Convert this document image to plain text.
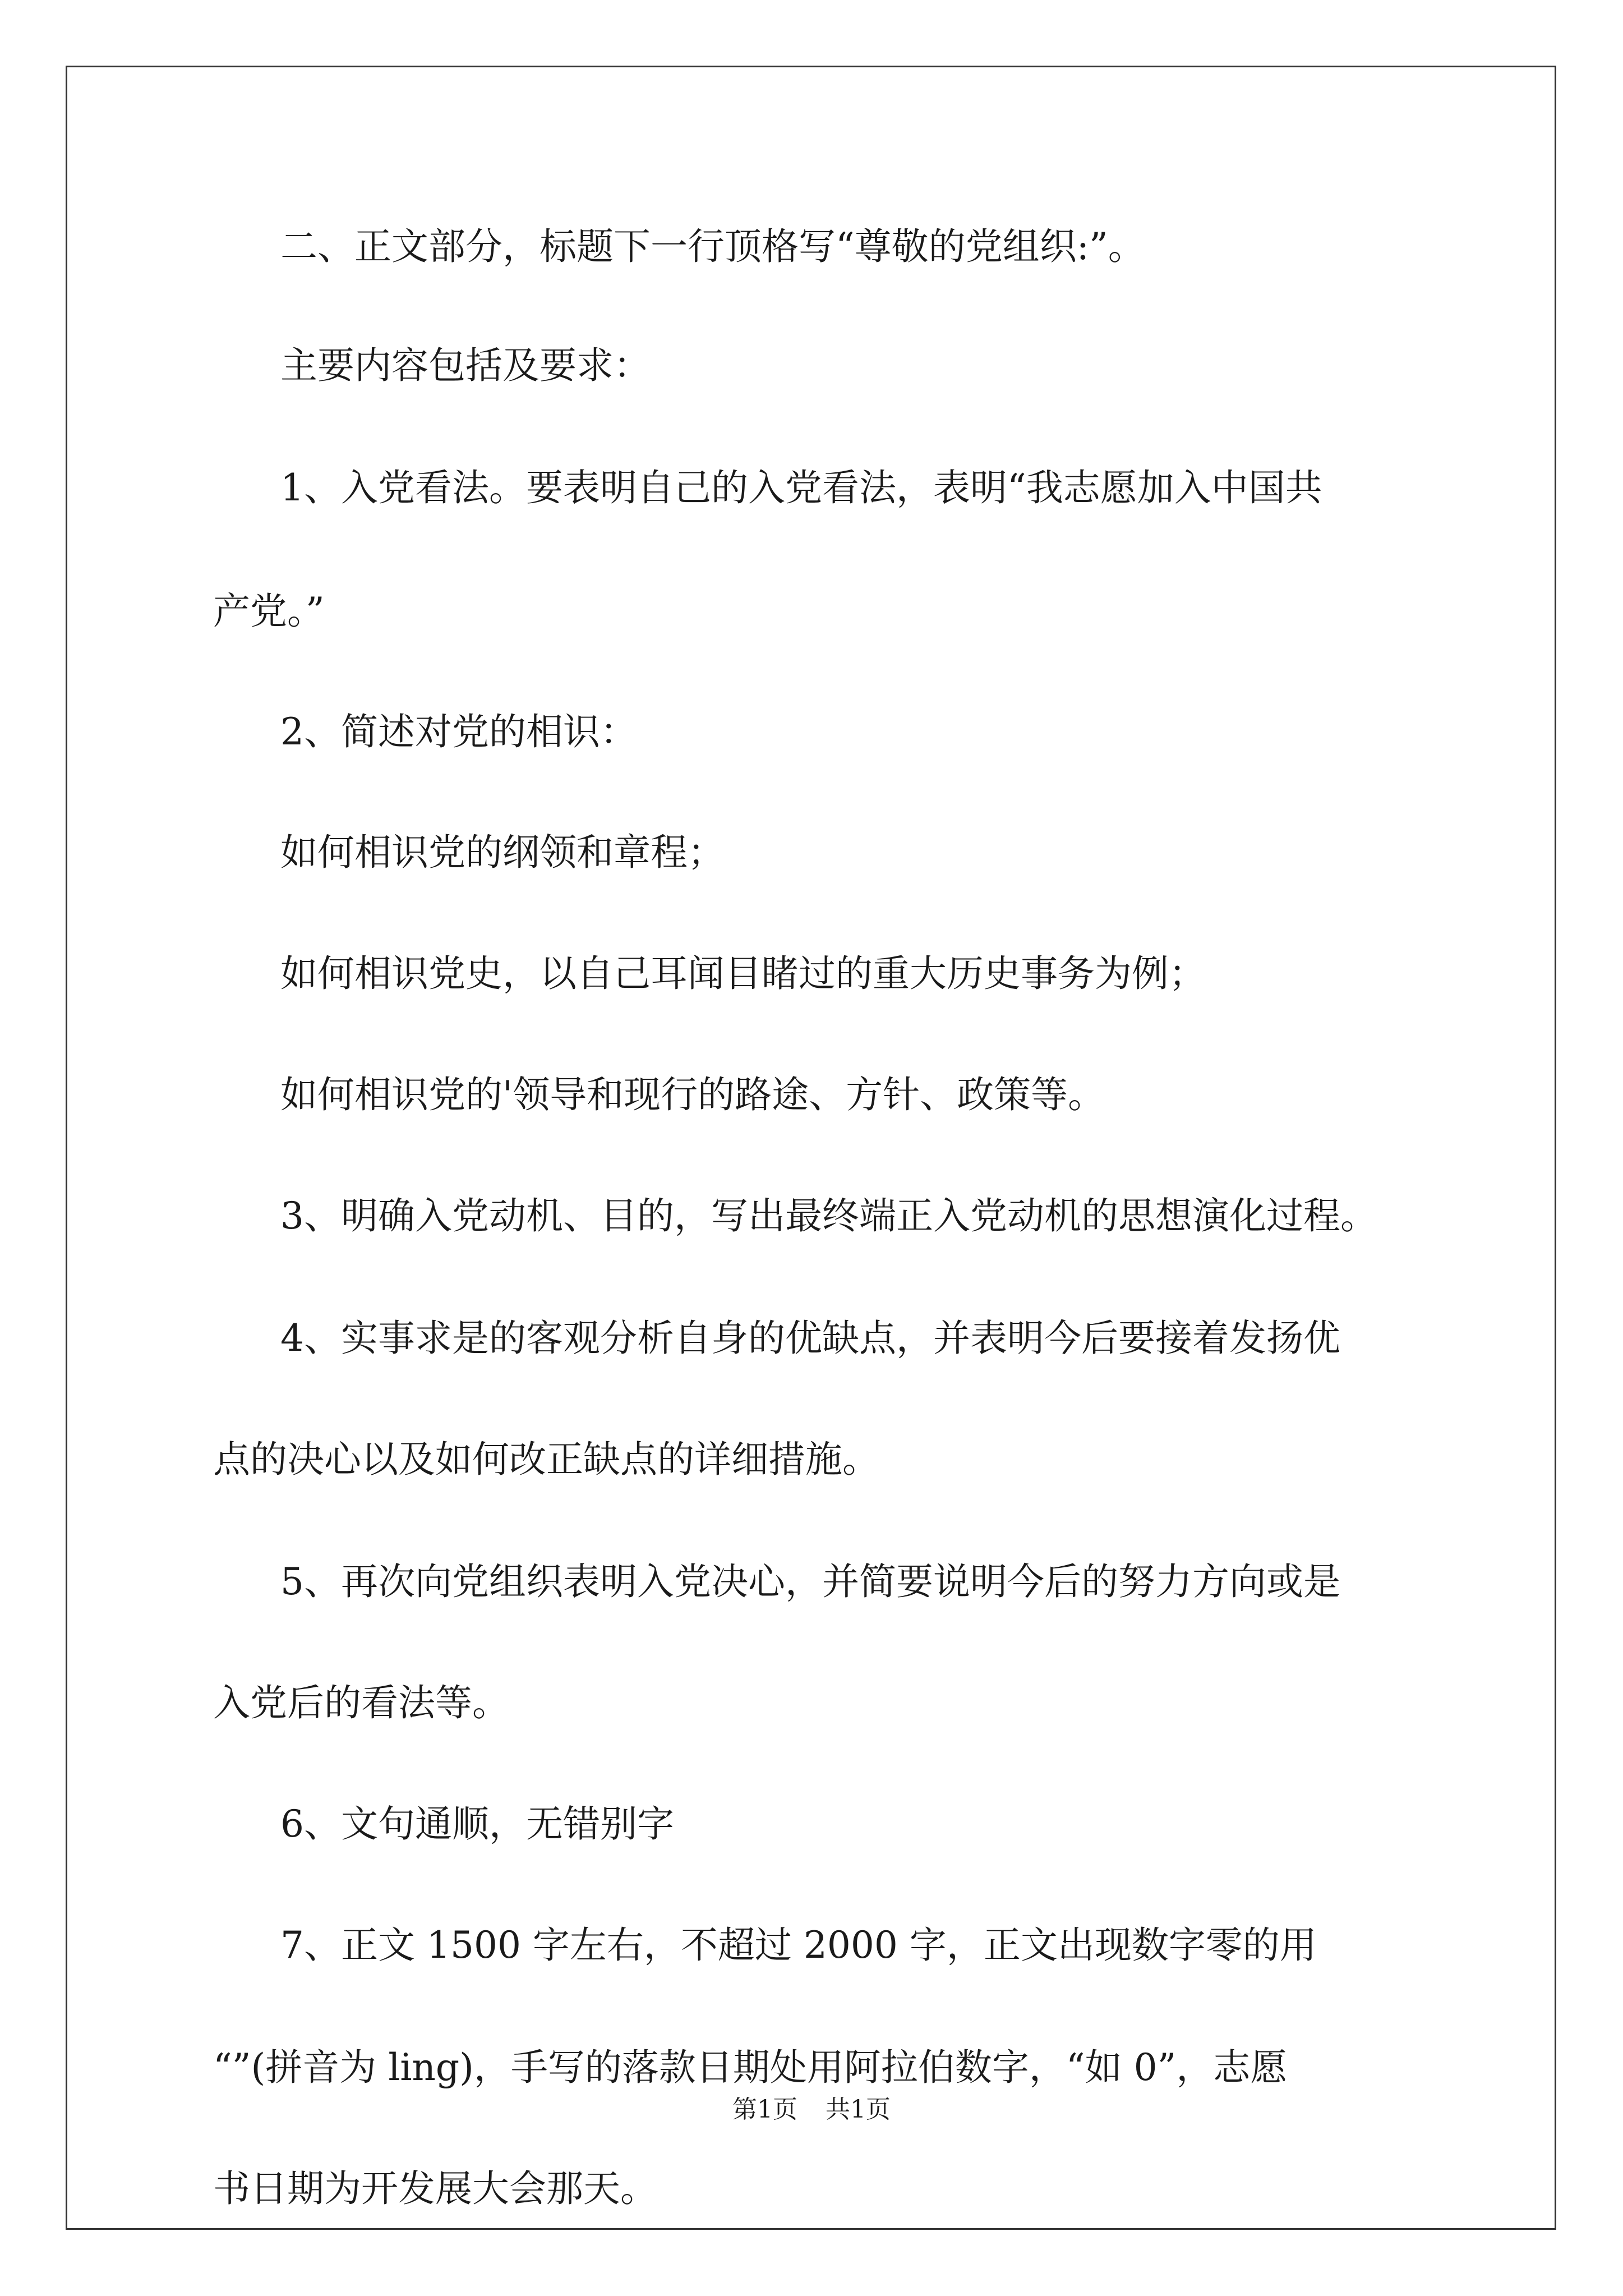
二、正文部分，标题下一行顶格写“尊敬的党组织:”。
主要内容包括及要求：
1、入党看法。要表明自己的入党看法，表明“我志愿加入中国共
产党。”
2、简述对党的相识：
如何相识党的纲领和章程；
如何相识党史，以自己耳闻目睹过的重大历史事务为例；
如何相识党的'领导和现行的路途、方针、政策等。
3、明确入党动机、目的，写出最终端正入党动机的思想演化过程。
4、实事求是的客观分析自身的优缺点，并表明今后要接着发扬优
点的决心以及如何改正缺点的详细措施。
5、再次向党组织表明入党决心，并简要说明今后的努力方向或是
入党后的看法等。
6、文句通顺，无错别字
7、正文 1500 字左右，不超过 2000 字，正文出现数字零的用
“”(拼音为 ling)，手写的落款日期处用阿拉伯数字，“如 0”，志愿
书日期为开发展大会那天。
第1页 共1页
